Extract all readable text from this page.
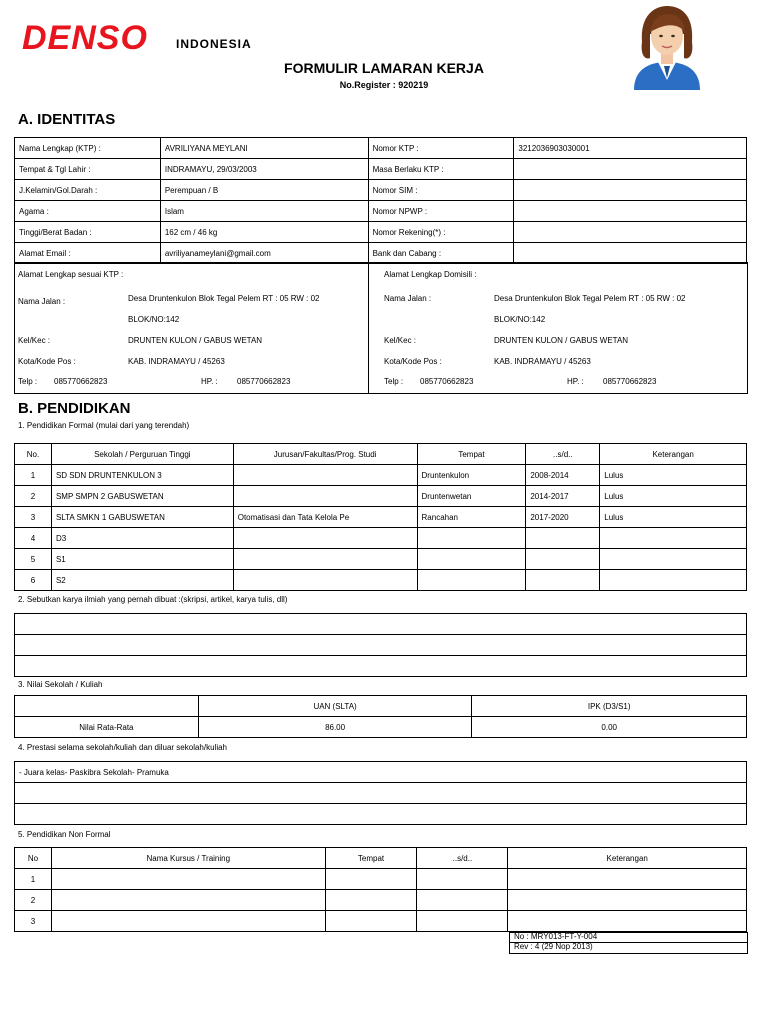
DENSO INDONESIA
FORMULIR LAMARAN KERJA
No.Register : 920219
A. IDENTITAS
Nama Lengkap (KTP) :	AVRILIYANA MEYLANI	Nomor KTP :	3212036903030001
Tempat & Tgl Lahir :	INDRAMAYU, 29/03/2003	Masa Berlaku KTP :	
J.Kelamin/Gol.Darah :	Perempuan / B	Nomor SIM :	
Agama :	Islam	Nomor NPWP :	
Tinggi/Berat Badan :	162 cm / 46 kg	Nomor Rekening(*) :	
Alamat Email :	avriliyanameylani@gmail.com	Bank dan Cabang :	
Alamat Lengkap sesuai KTP :
Nama Jalan :	Desa Druntenkulon Blok Tegal Pelem RT : 05 RW : 02
BLOK/NO:142
Kel/Kec :	DRUNTEN KULON / GABUS WETAN
Kota/Kode Pos :	KAB. INDRAMAYU / 45263
Telp : 085770662823	HP. : 085770662823
Alamat Lengkap Domisili :
Nama Jalan :	Desa Druntenkulon Blok Tegal Pelem RT : 05 RW : 02
BLOK/NO:142
Kel/Kec :	DRUNTEN KULON / GABUS WETAN
Kota/Kode Pos :	KAB. INDRAMAYU / 45263
Telp : 085770662823	HP. : 085770662823
B. PENDIDIKAN
1. Pendidikan Formal (mulai dari yang terendah)
No.	Sekolah / Perguruan Tinggi	Jurusan/Fakultas/Prog. Studi	Tempat	..s/d..	Keterangan
1	SD SDN DRUNTENKULON 3		Druntenkulon	2008-2014	Lulus
2	SMP SMPN 2 GABUSWETAN		Druntenwetan	2014-2017	Lulus
3	SLTA SMKN 1 GABUSWETAN	Otomatisasi dan Tata Kelola Pe	Rancahan	2017-2020	Lulus
4	D3				
5	S1				
6	S2				
2. Sebutkan karya ilmiah yang pernah dibuat :(skripsi, artikel, karya tulis, dll)

3. Nilai Sekolah / Kuliah
	UAN (SLTA)	IPK (D3/S1)
Nilai Rata-Rata	86.00	0.00
4. Prestasi selama sekolah/kuliah dan diluar sekolah/kuliah
- Juara kelas- Paskibra Sekolah- Pramuka

5. Pendidikan Non Formal
No	Nama Kursus / Training	Tempat	..s/d..	Keterangan
1				
2				
3				
No : MRY013-FT-Y-004
Rev : 4 (29 Nop 2013)
